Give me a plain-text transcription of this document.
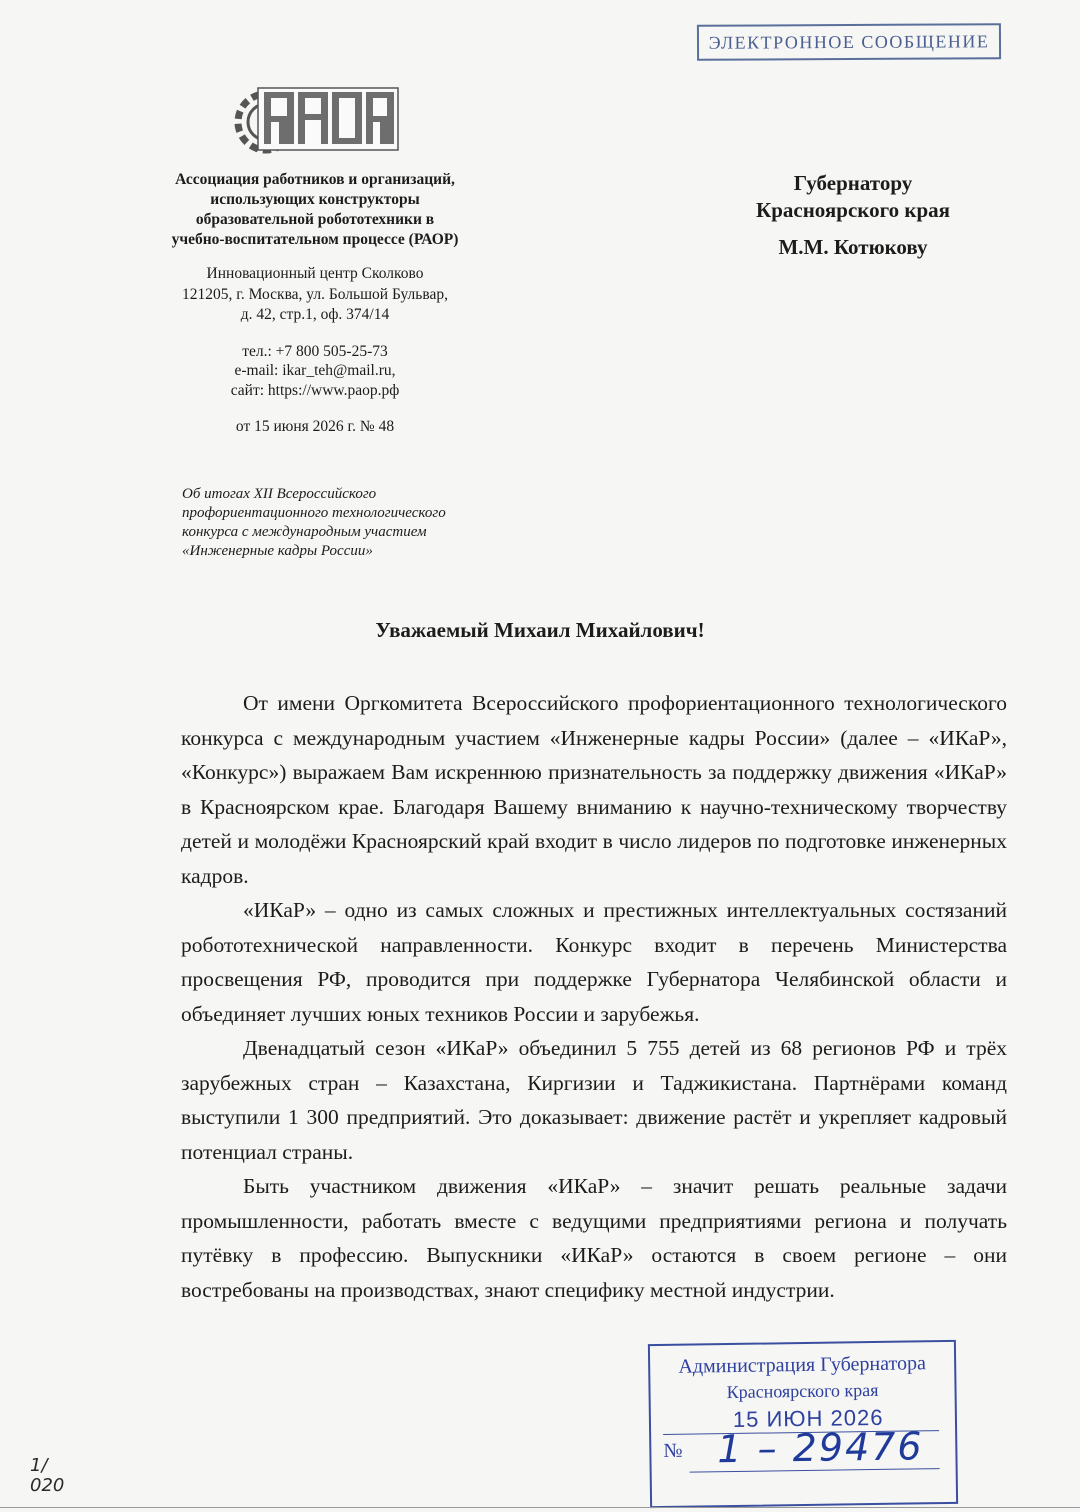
ЭЛЕКТРОННОЕ СООБЩЕНИЕ
Ассоциация работников и организаций,
использующих конструкторы
образовательной робототехники в
учебно-воспитательном процессе (РАОР)
Инновационный центр Сколково
121205, г. Москва, ул. Большой Бульвар,
д. 42, стр.1, оф. 374/14
тел.: +7 800 505-25-73
e-mail: ikar_teh@mail.ru,
сайт: https://www.раор.рф
от 15 июня 2026 г. № 48
Об итогах XII Всероссийского
профориентационного технологического
конкурса с международным участием
«Инженерные кадры России»
Губернатору
Красноярского края
М.М. Котюкову
Уважаемый Михаил Михайлович!

От имени Оргкомитета Всероссийского профориентационного технологического конкурса с международным участием «Инженерные кадры России» (далее – «ИКаР», «Конкурс») выражаем Вам искреннюю признательность за поддержку движения «ИКаР» в Красноярском крае. Благодаря Вашему вниманию к научно-техническому творчеству детей и молодёжи Красноярский край входит в число лидеров по подготовке инженерных кадров.

«ИКаР» – одно из самых сложных и престижных интеллектуальных состязаний робототехнической направленности. Конкурс входит в перечень Министерства просвещения РФ, проводится при поддержке Губернатора Челябинской области и объединяет лучших юных техников России и зарубежья.

Двенадцатый сезон «ИКаР» объединил 5 755 детей из 68 регионов РФ и трёх зарубежных стран – Казахстана, Киргизии и Таджикистана. Партнёрами команд выступили 1 300 предприятий. Это доказывает: движение растёт и укрепляет кадровый потенциал страны.

Быть участником движения «ИКаР» – значит решать реальные задачи промышленности, работать вместе с ведущими предприятиями региона и получать путёвку в профессию. Выпускники «ИКаР» остаются в своем регионе – они востребованы на производствах, знают специфику местной индустрии.

Администрация Губернатора
Красноярского края
15 ИЮН 2026
№ 1 – 29476
1/
020
